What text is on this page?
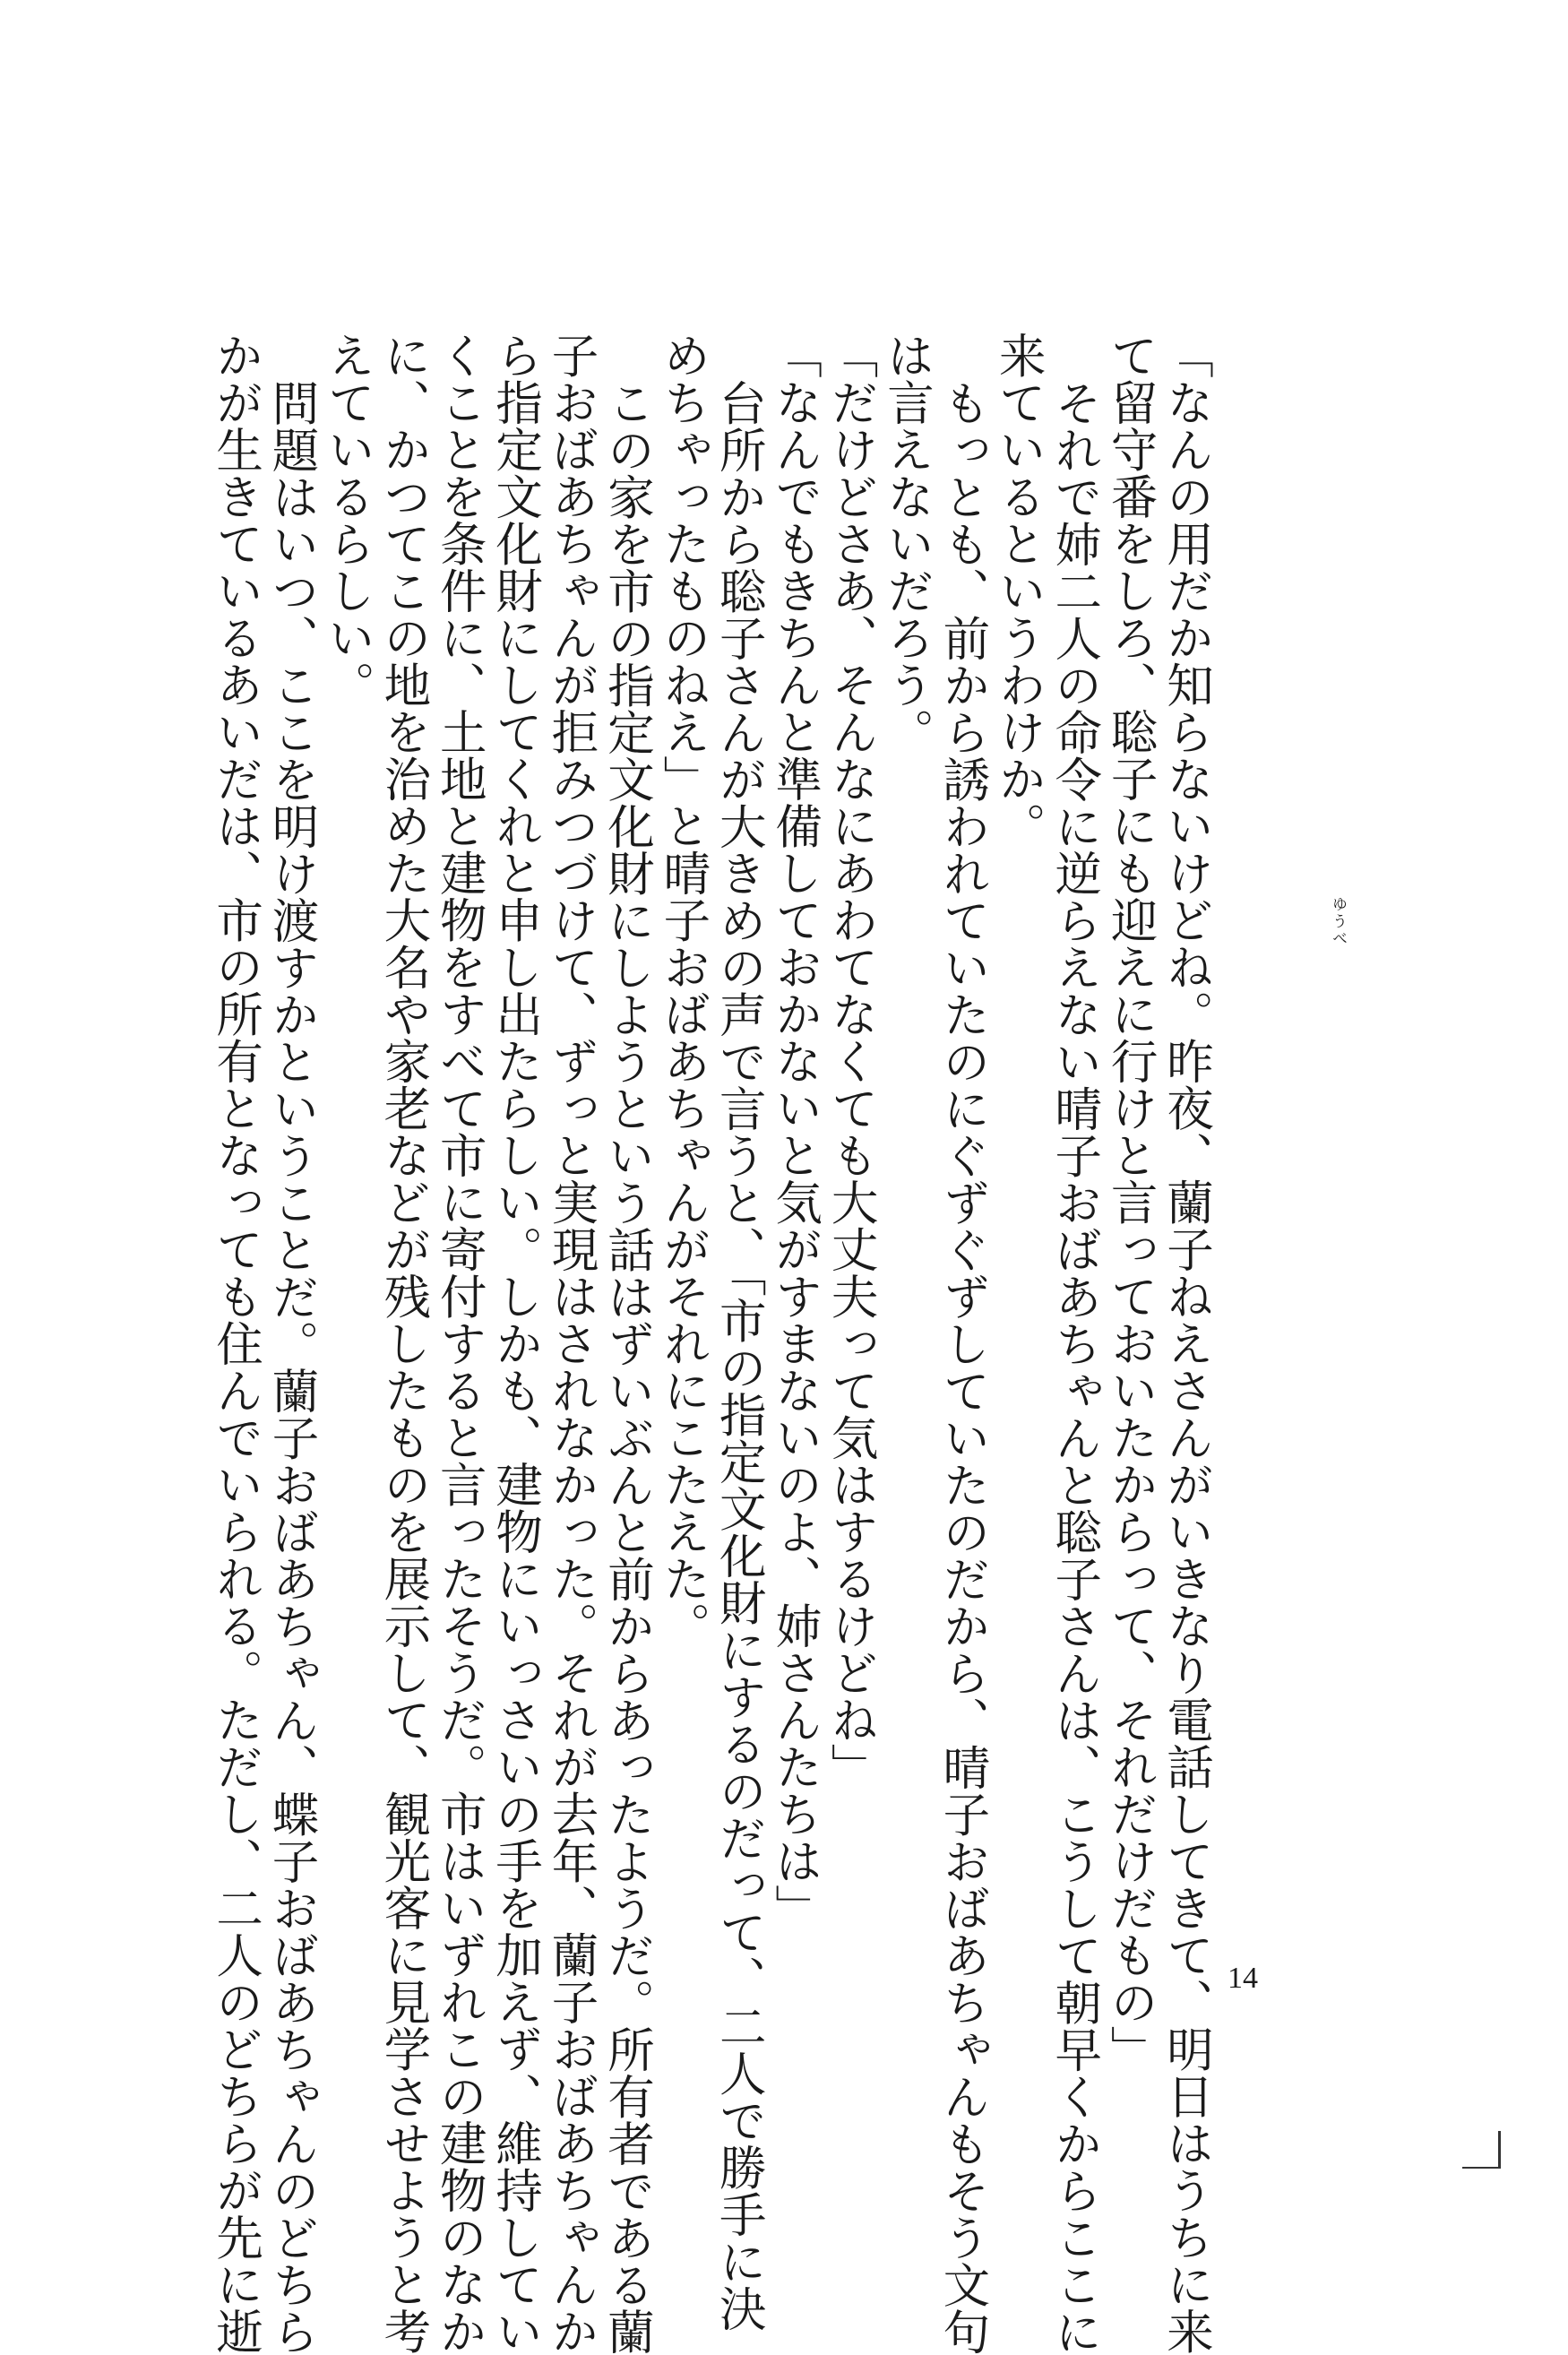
「なんの用だか知らないけどね。昨夜、蘭子ねえさんがいきなり電話してきて、明日はうちに来

て留守番をしろ、聡子にも迎えに行けと言っておいたからって、それだけだもの」

それで姉二人の命令に逆らえない晴子おばあちゃんと聡子さんは、こうして朝早くからここに

来ているというわけか。

もっとも、前から誘われていたのにぐずぐずしていたのだから、晴子おばあちゃんもそう文句

は言えないだろう。

「だけどさあ、そんなにあわてなくても大丈夫って気はするけどね」

「なんでもきちんと準備しておかないと気がすまないのよ、姉さんたちは」

台所から聡子さんが大きめの声で言うと、「市の指定文化財にするのだって、二人で勝手に決

めちゃったものねえ」と晴子おばあちゃんがそれにこたえた。

この家を市の指定文化財にしようという話はずいぶんと前からあったようだ。所有者である蘭

子おばあちゃんが拒みつづけて、ずっと実現はされなかった。それが去年、蘭子おばあちゃんか

ら指定文化財にしてくれと申し出たらしい。しかも、建物にいっさいの手を加えず、維持してい

くことを条件に、土地と建物をすべて市に寄付すると言ったそうだ。市はいずれこの建物のなか

に、かつてこの地を治めた大名や家老などが残したものを展示して、観光客に見学させようと考

えているらしい。

問題はいつ、ここを明け渡すかということだ。蘭子おばあちゃん、蝶子おばあちゃんのどちら

かが生きているあいだは、市の所有となっても住んでいられる。ただし、二人のどちらが先に逝	ゆうべ
14
